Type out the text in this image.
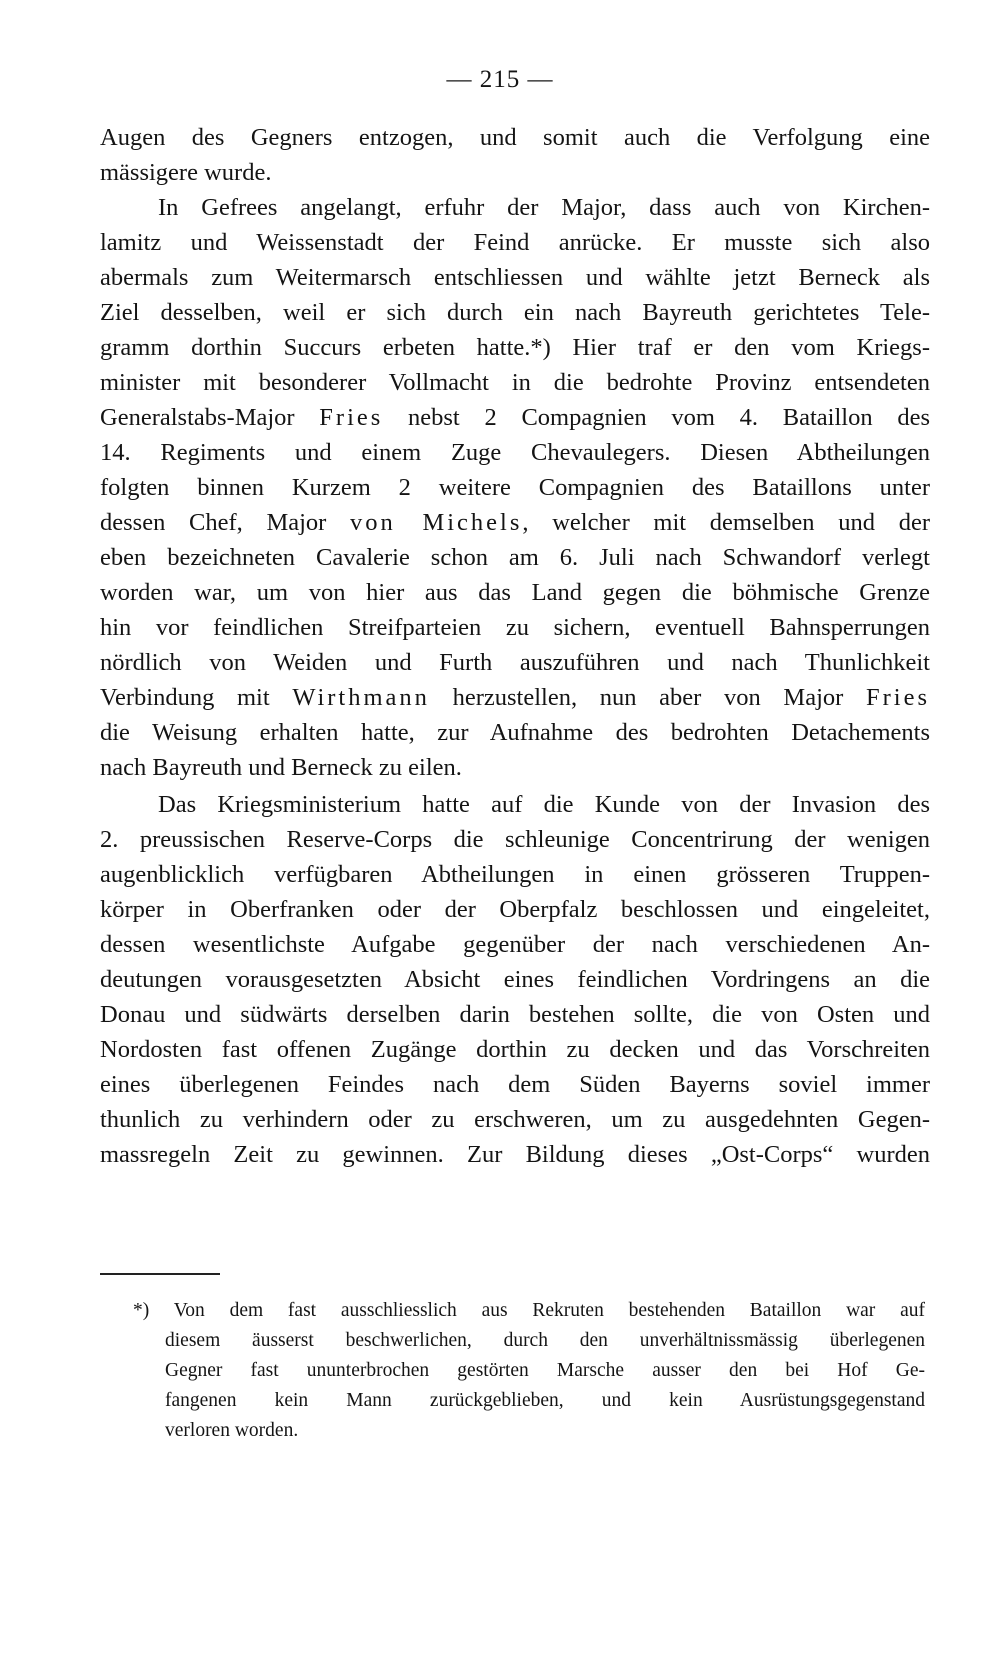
— 215 —
Augen des Gegners entzogen, und somit auch die Verfolgung eine
mässigere wurde.
In Gefrees angelangt, erfuhr der Major, dass auch von Kirchen-
lamitz und Weissenstadt der Feind anrücke. Er musste sich also
abermals zum Weitermarsch entschliessen und wählte jetzt Berneck als
Ziel desselben, weil er sich durch ein nach Bayreuth gerichtetes Tele-
gramm dorthin Succurs erbeten hatte.*) Hier traf er den vom Kriegs-
minister mit besonderer Vollmacht in die bedrohte Provinz entsendeten
Generalstabs-Major Fries nebst 2 Compagnien vom 4. Bataillon des
14. Regiments und einem Zuge Chevaulegers. Diesen Abtheilungen
folgten binnen Kurzem 2 weitere Compagnien des Bataillons unter
dessen Chef, Major von Michels, welcher mit demselben und der
eben bezeichneten Cavalerie schon am 6. Juli nach Schwandorf verlegt
worden war, um von hier aus das Land gegen die böhmische Grenze
hin vor feindlichen Streifparteien zu sichern, eventuell Bahnsperrungen
nördlich von Weiden und Furth auszuführen und nach Thunlichkeit
Verbindung mit Wirthmann herzustellen, nun aber von Major Fries
die Weisung erhalten hatte, zur Aufnahme des bedrohten Detachements
nach Bayreuth und Berneck zu eilen.
Das Kriegsministerium hatte auf die Kunde von der Invasion des
2. preussischen Reserve-Corps die schleunige Concentrirung der wenigen
augenblicklich verfügbaren Abtheilungen in einen grösseren Truppen-
körper in Oberfranken oder der Oberpfalz beschlossen und eingeleitet,
dessen wesentlichste Aufgabe gegenüber der nach verschiedenen An-
deutungen vorausgesetzten Absicht eines feindlichen Vordringens an die
Donau und südwärts derselben darin bestehen sollte, die von Osten und
Nordosten fast offenen Zugänge dorthin zu decken und das Vorschreiten
eines überlegenen Feindes nach dem Süden Bayerns soviel immer
thunlich zu verhindern oder zu erschweren, um zu ausgedehnten Gegen-
massregeln Zeit zu gewinnen. Zur Bildung dieses „Ost-Corps“ wurden
*) Von dem fast ausschliesslich aus Rekruten bestehenden Bataillon war auf
diesem äusserst beschwerlichen, durch den unverhältnissmässig überlegenen
Gegner fast ununterbrochen gestörten Marsche ausser den bei Hof Ge-
fangenen kein Mann zurückgeblieben, und kein Ausrüstungsgegenstand
verloren worden.
